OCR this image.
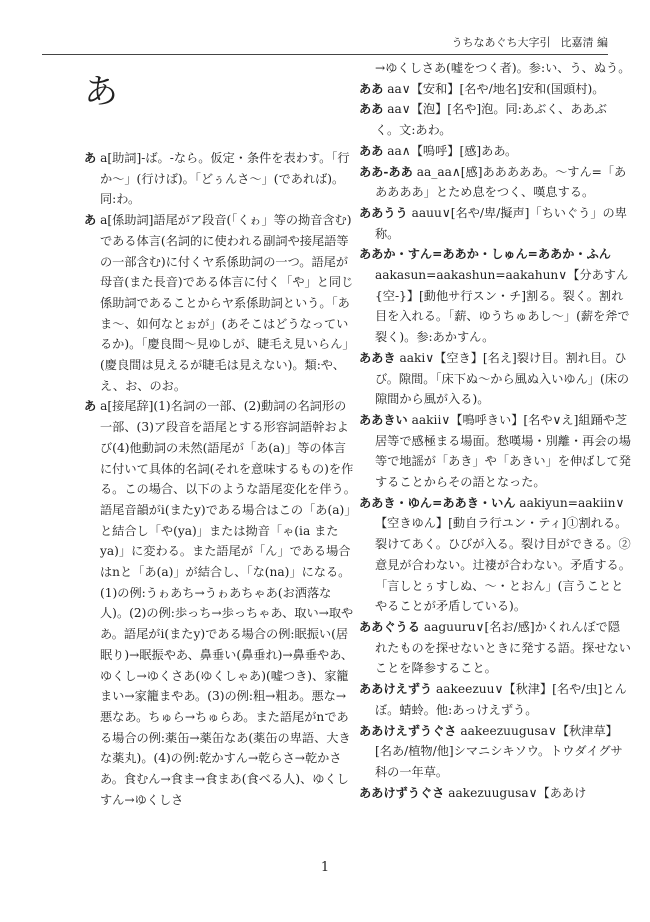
うちなあぐち大字引 比嘉清 編
あ

あ a[助詞]-ば。-なら。仮定・条件を表わす。「行か～」(行けば)。「どぅんさ～」(であれば)。同:わ。

あ a[係助詞]語尾がア段音(「くゎ」等の拗音含む)である体言(名詞的に使われる副詞や接尾語等の一部含む)に付くヤ系係助詞の一つ。語尾が母音(また長音)である体言に付く「や」と同じ係助詞であることからヤ系係助詞という。「あま～、如何なとぉが」(あそこはどうなっているか)。「慶良間～見ゆしが、睫毛え見いらん」(慶良間は見えるが睫毛は見えない)。類:や、え、お、のお。

あ a[接尾辞](1)名詞の一部、(2)動詞の名詞形の一部、(3)ア段音を語尾とする形容詞語幹および(4)他動詞の未然(語尾が「あ(a)」等の体言に付いて具体的名詞(それを意味するもの)を作る。この場合、以下のような語尾変化を伴う。語尾音韻がi(またy)である場合はこの「あ(a)」と結合し「や(ya)」または拗音「ゃ(ia また ya)」に変わる。また語尾が「ん」である場合はnと「あ(a)」が結合し、「な(na)」になる。(1)の例:うゎあち→うゎあちゃあ(お洒落な人)。(2)の例:歩っち→歩っちゃあ、取い→取やあ。語尾がi(またy)である場合の例:眠振い(居眠り)→眠振やあ、鼻垂い(鼻垂れ)→鼻垂やあ、ゆくし→ゆくさあ(ゆくしゃあ)(嘘つき)、家籠まい→家籠まやあ。(3)の例:粗→粗あ。悪な→悪なあ。ちゅら→ちゅらあ。また語尾がnである場合の例:薬缶→薬缶なあ(薬缶の卑語、大きな薬丸)。(4)の例:乾かすん→乾らさ→乾かさあ。食むん→食ま→食まあ(食べる人)、ゆくしすん→ゆくしさ

→ゆくしさあ(嘘をつく者)。参:い、う、ぬう。

ああ aa∨【安和】[名や/地名]安和(国頭村)。

ああ aa∨【泡】[名や]泡。同:あぶく、ああぶく。文:あわ。

ああ aa∧【嗚呼】[感]ああ。

ああ-ああ aa_aa∧[感]あああああ。～すん=「あああああ」とため息をつく、嘆息する。

ああうう aauu∨[名や/卑/擬声]「ちいぐう」の卑称。

ああか・すん=ああか・しゅん=ああか・ふん aakasun=aakashun=aakahun∨【分あすん{空-}】[動他サ行スン・チ]割る。裂く。割れ目を入れる。「薪、ゆうちゅあし～」(薪を斧で裂く)。参:あかすん。

ああき aaki∨【空き】[名え]裂け目。割れ目。ひび。隙間。「床下ぬ～から風ぬ入いゆん」(床の隙間から風が入る)。

ああきい aakii∨【鳴呼きい】[名や∨え]組踊や芝居等で感極まる場面。愁嘆場・別離・再会の場等で地謡が「あき」や「あきい」を伸ばして発することからその語となった。

ああき・ゆん=ああき・いん aakiyun=aakiin∨【空きゆん】[動自ラ行ユン・ティ]①割れる。裂けてあく。ひびが入る。裂け目ができる。②意見が合わない。辻褄が合わない。矛盾する。「言しとぅすしぬ、～・とおん」(言うこととやることが矛盾している)。

ああぐうる aaguuru∨[名お/感]かくれんぼで隠れたものを探せないときに発する語。探せないことを降参すること。

ああけえずう aakeezuu∨【秋津】[名や/虫]とんぼ。蜻蛉。他:あっけえずう。

ああけえずうぐさ aakeezuugusa∨【秋津草】[名あ/植物/他]シマニシキソウ。トウダイグサ科の一年草。

ああけずうぐさ aakezuugusa∨【ああけ

1
